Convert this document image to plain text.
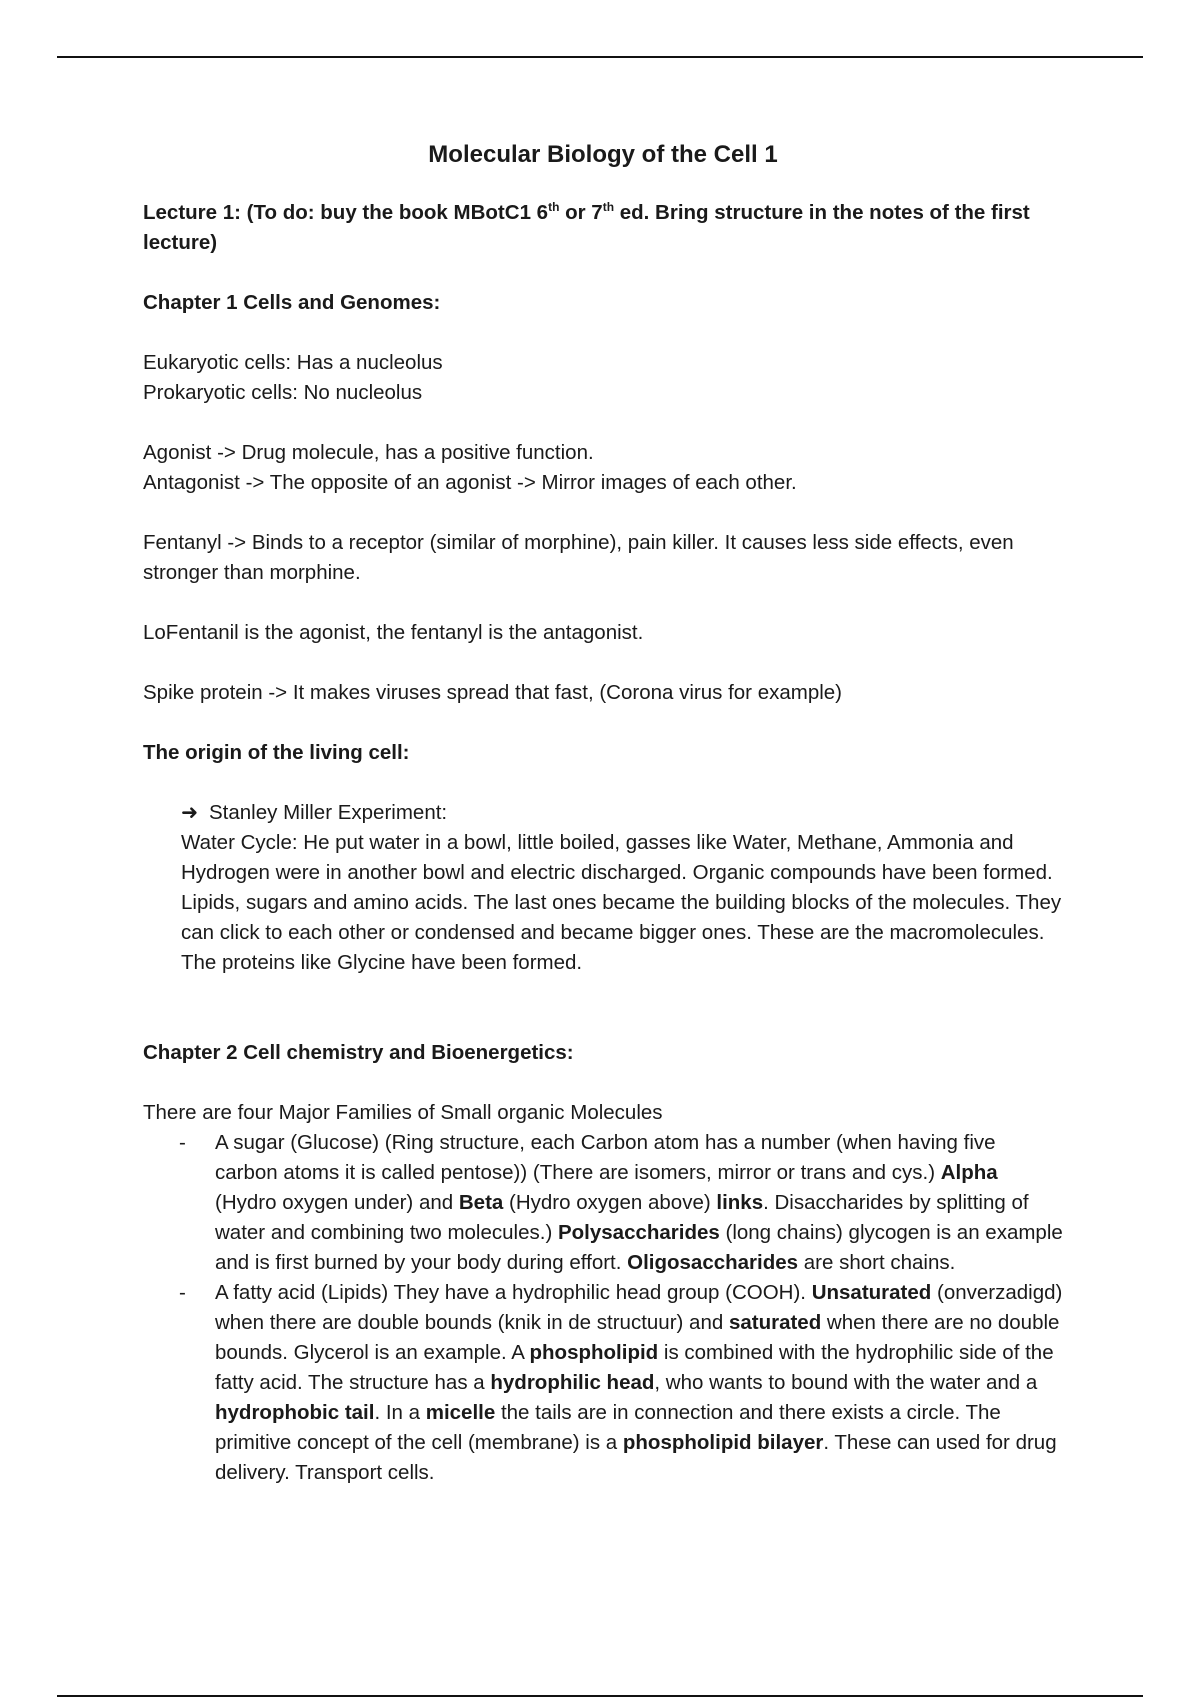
Molecular Biology of the Cell 1

Lecture 1: (To do: buy the book MBotC1 6th or 7th ed. Bring structure in the notes of the first lecture)

Chapter 1 Cells and Genomes:

Eukaryotic cells: Has a nucleolus

Prokaryotic cells: No nucleolus

Agonist -> Drug molecule, has a positive function.

Antagonist -> The opposite of an agonist -> Mirror images of each other.

Fentanyl -> Binds to a receptor (similar of morphine), pain killer. It causes less side effects, even stronger than morphine.

LoFentanil is the agonist, the fentanyl is the antagonist.

Spike protein -> It makes viruses spread that fast, (Corona virus for example)

The origin of the living cell:

➜ Stanley Miller Experiment:

Water Cycle: He put water in a bowl, little boiled, gasses like Water, Methane, Ammonia and Hydrogen were in another bowl and electric discharged. Organic compounds have been formed. Lipids, sugars and amino acids. The last ones became the building blocks of the molecules. They can click to each other or condensed and became bigger ones. These are the macromolecules. The proteins like Glycine have been formed.

Chapter 2 Cell chemistry and Bioenergetics:

There are four Major Families of Small organic Molecules

- A sugar (Glucose) (Ring structure, each Carbon atom has a number (when having five carbon atoms it is called pentose)) (There are isomers, mirror or trans and cys.) Alpha (Hydro oxygen under) and Beta (Hydro oxygen above) links. Disaccharides by splitting of water and combining two molecules.) Polysaccharides (long chains) glycogen is an example and is first burned by your body during effort. Oligosaccharides are short chains.
- A fatty acid (Lipids) They have a hydrophilic head group (COOH). Unsaturated (onverzadigd) when there are double bounds (knik in de structuur) and saturated when there are no double bounds. Glycerol is an example. A phospholipid is combined with the hydrophilic side of the fatty acid. The structure has a hydrophilic head, who wants to bound with the water and a hydrophobic tail. In a micelle the tails are in connection and there exists a circle. The primitive concept of the cell (membrane) is a phospholipid bilayer. These can used for drug delivery. Transport cells.
